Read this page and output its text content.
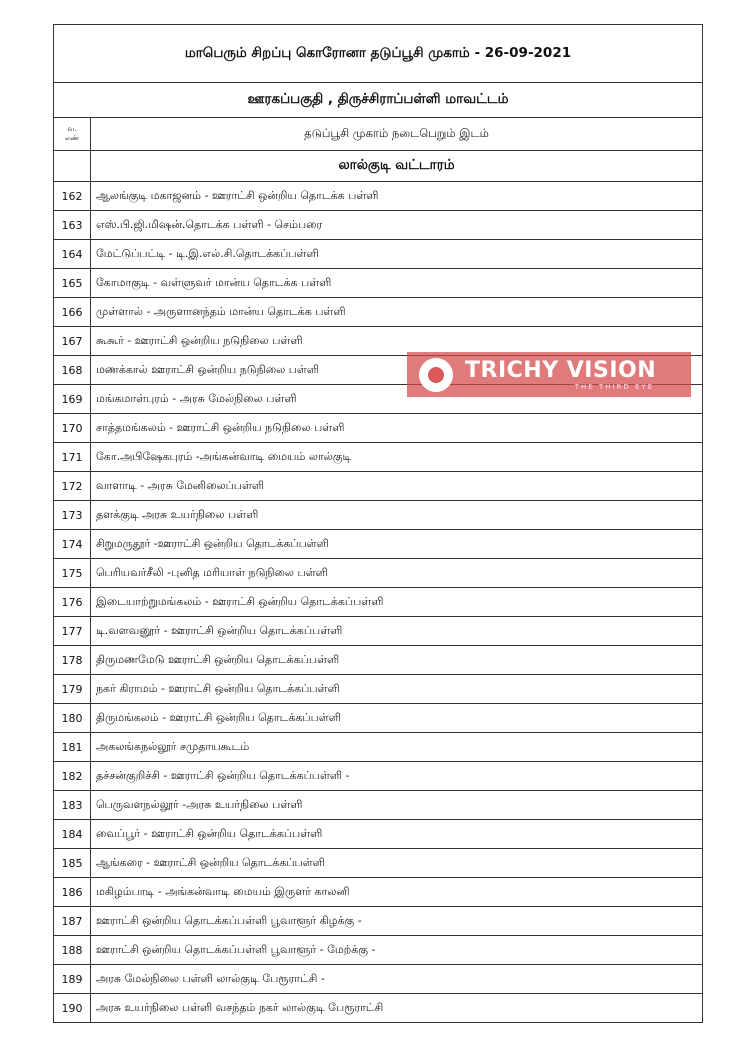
மாபெரும் சிறப்பு கொரோனா தடுப்பூசி முகாம் - 26-09-2021	
ஊரகப்பகுதி , திருச்சிராப்பள்ளி மாவட்டம்	
வ.
எண்	தடுப்பூசி முகாம் நடைபெறும் இடம்
	லால்குடி வட்டாரம்
162	ஆலங்குடி மகாஜனம் - ஊராட்சி ஒன்றிய தொடக்க பள்ளி
163	எஸ்.பி.ஜி.மிஷன்.தொடக்க பள்ளி - செம்பரை
164	மேட்டுப்பட்டி - டி.இ.எல்.சி.தொடக்கப்பள்ளி
165	கோமாகுடி - வள்ளுவர் மான்ய தொடக்க பள்ளி
166	முள்ளால் - அருளானந்தம் மான்ய தொடக்க பள்ளி
167	கூகூர் - ஊராட்சி ஒன்றிய நடுநிலை பள்ளி
168	மணக்கால் ஊராட்சி ஒன்றிய நடுநிலை பள்ளி
169	மங்கமாள்புரம் - அரசு மேல்நிலை பள்ளி
170	சாத்தமங்கலம் - ஊராட்சி ஒன்றிய நடுநிலை பள்ளி
171	கோ.அபிஷேகபுரம் -அங்கன்வாடி மையம் லால்குடி
172	வாளாடி - அரசு மேனிலைப்பள்ளி
173	தளக்குடி அரசு உயர்நிலை பள்ளி
174	சிறுமருதூர் -ஊராட்சி ஒன்றிய தொடக்கப்பள்ளி
175	பெரியவர்சீலி -புனித மரியாள் நடுநிலை பள்ளி
176	இடையாற்றுமங்கலம் - ஊராட்சி ஒன்றிய தொடக்கப்பள்ளி
177	டி.வளவனூர் - ஊராட்சி ஒன்றிய தொடக்கப்பள்ளி
178	திருமணமேடு ஊராட்சி ஒன்றிய தொடக்கப்பள்ளி
179	நகர் கிராமம் - ஊராட்சி ஒன்றிய தொடக்கப்பள்ளி
180	திருமங்கலம் - ஊராட்சி ஒன்றிய தொடக்கப்பள்ளி
181	அகலங்கநல்லூர் சமுதாயகூடம்
182	தச்சன்குறிச்சி - ஊராட்சி ஒன்றிய தொடக்கப்பள்ளி -
183	பெருவளநல்லூர் -அரசு உயர்நிலை பள்ளி
184	வைப்பூர் - ஊராட்சி ஒன்றிய தொடக்கப்பள்ளி
185	ஆங்கரை - ஊராட்சி ஒன்றிய தொடக்கப்பள்ளி
186	மகிழம்பாடி - அங்கன்வாடி மையம் இருளர் காலனி
187	ஊராட்சி ஒன்றிய தொடக்கப்பள்ளி பூவாளூர் கிழக்கு -
188	ஊராட்சி ஒன்றிய தொடக்கப்பள்ளி பூவாளூர் - மேற்க்கு -
189	அரசு மேல்நிலை பள்ளி லால்குடி பேரூராட்சி -
190	அரசு உயர்நிலை பள்ளி வசந்தம் நகர் லால்குடி பேரூராட்சி
TRICHY VISION
THE THIRD EYE
